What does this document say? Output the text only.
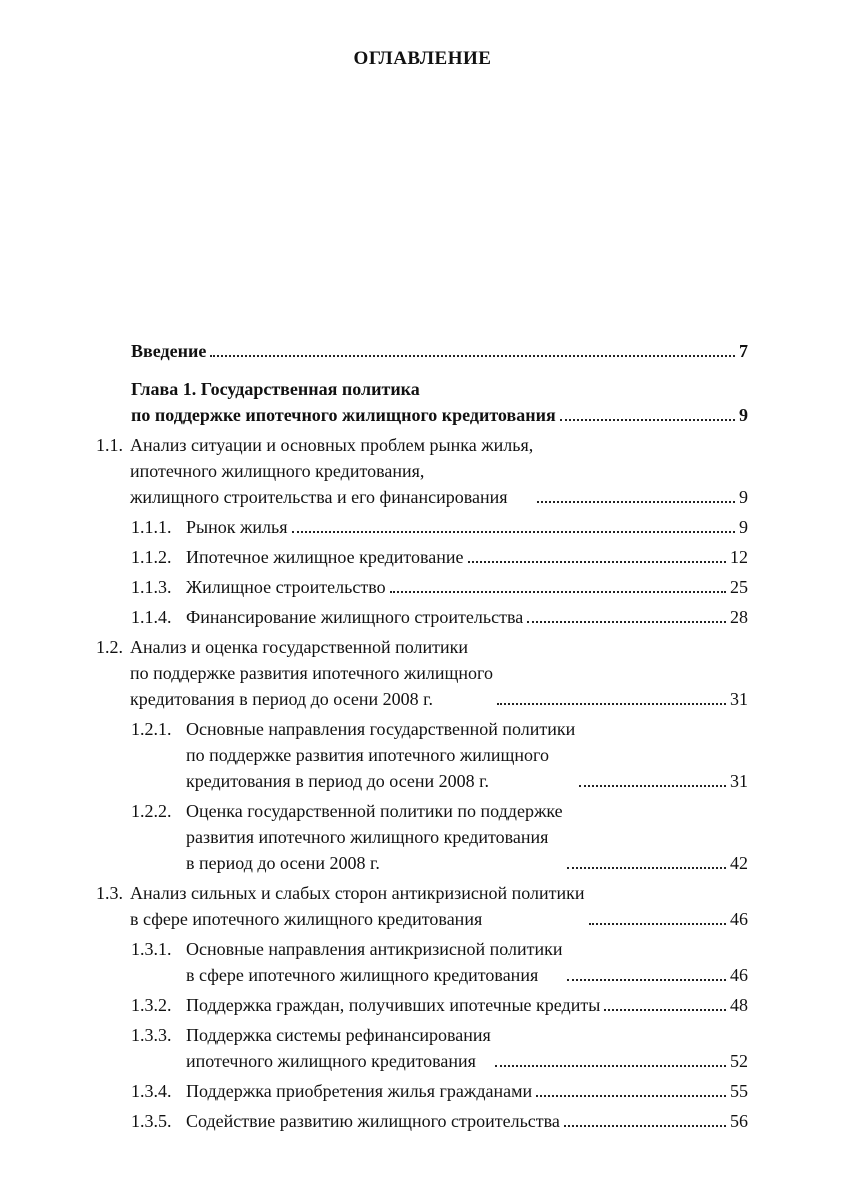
ОГЛАВЛЕНИЕ
Введение	7
Глава 1. Государственная политика
по поддержке ипотечного жилищного кредитования	9
1.1. Анализ ситуации и основных проблем рынка жилья,
ипотечного жилищного кредитования,
жилищного строительства и его финансирования	9
1.1.1. Рынок жилья	9
1.1.2. Ипотечное жилищное кредитование	12
1.1.3. Жилищное строительство	25
1.1.4. Финансирование жилищного строительства	28
1.2. Анализ и оценка государственной политики
по поддержке развития ипотечного жилищного
кредитования в период до осени 2008 г.	31
1.2.1. Основные направления государственной политики
по поддержке развития ипотечного жилищного
кредитования в период до осени 2008 г.	31
1.2.2. Оценка государственной политики по поддержке
развития ипотечного жилищного кредитования
в период до осени 2008 г.	42
1.3. Анализ сильных и слабых сторон антикризисной политики
в сфере ипотечного жилищного кредитования	46
1.3.1. Основные направления антикризисной политики
в сфере ипотечного жилищного кредитования	46
1.3.2. Поддержка граждан, получивших ипотечные кредиты	48
1.3.3. Поддержка системы рефинансирования
ипотечного жилищного кредитования	52
1.3.4. Поддержка приобретения жилья гражданами	55
1.3.5. Содействие развитию жилищного строительства	56
